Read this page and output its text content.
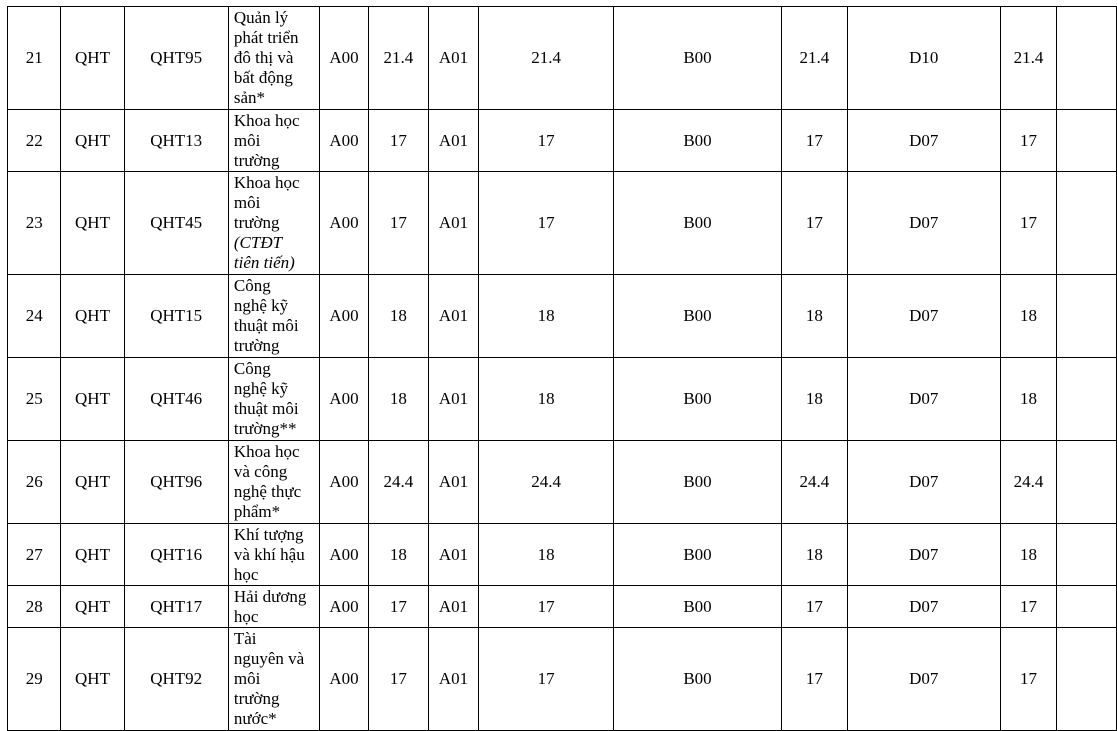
21	QHT	QHT95	Quản lý
phát triển
đô thị và
bất động
sản*	A00	21.4	A01	21.4	B00	21.4	D10	21.4	
22	QHT	QHT13	Khoa học
môi
trường	A00	17	A01	17	B00	17	D07	17	
23	QHT	QHT45	Khoa học
môi
trường
(CTĐT
tiên tiến)	A00	17	A01	17	B00	17	D07	17	
24	QHT	QHT15	Công
nghệ kỹ
thuật môi
trường	A00	18	A01	18	B00	18	D07	18	
25	QHT	QHT46	Công
nghệ kỹ
thuật môi
trường**	A00	18	A01	18	B00	18	D07	18	
26	QHT	QHT96	Khoa học
và công
nghệ thực
phẩm*	A00	24.4	A01	24.4	B00	24.4	D07	24.4	
27	QHT	QHT16	Khí tượng
và khí hậu
học	A00	18	A01	18	B00	18	D07	18	
28	QHT	QHT17	Hải dương
học	A00	17	A01	17	B00	17	D07	17	
29	QHT	QHT92	Tài
nguyên và
môi
trường
nước*	A00	17	A01	17	B00	17	D07	17	
